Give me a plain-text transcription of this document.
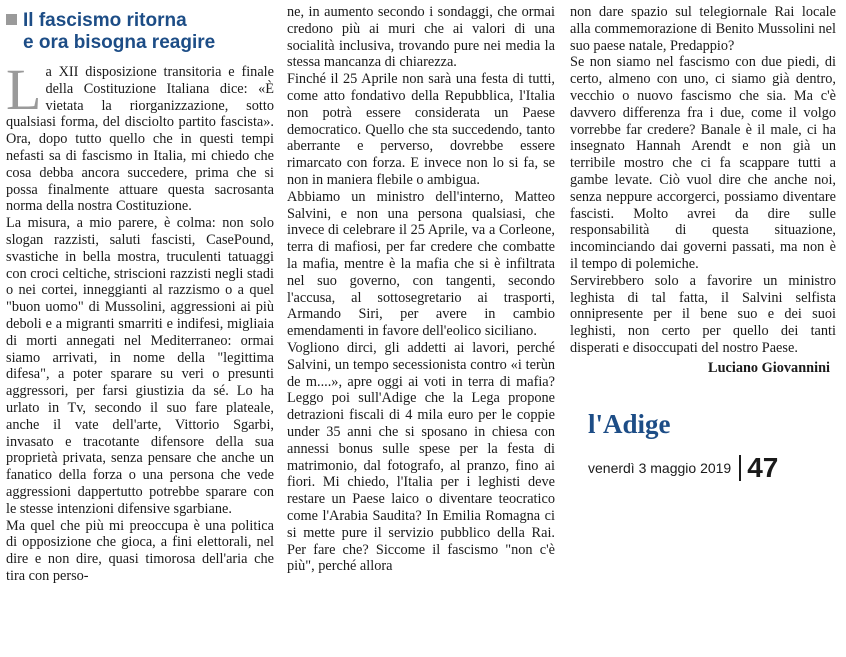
Il fascismo ritorna
e ora bisogna reagire

La XII disposizione transitoria e finale della Costituzione Italiana dice: «È vietata la riorganizzazione, sotto qualsiasi forma, del disciolto partito fascista». Ora, dopo tutto quello che in questi tempi nefasti sa di fascismo in Italia, mi chiedo che cosa debba ancora succedere, prima che si possa finalmente attuare questa sacrosanta norma della nostra Costituzione.

La misura, a mio parere, è colma: non solo slogan razzisti, saluti fascisti, CasePound, svastiche in bella mostra, truculenti tatuaggi con croci celtiche, striscioni razzisti negli stadi o nei cortei, inneggianti al razzismo o a quel "buon uomo" di Mussolini, aggressioni ai più deboli e a migranti smarriti e indifesi, migliaia di morti annegati nel Mediterraneo: ormai siamo arrivati, in nome della "legittima difesa", a poter sparare su veri o presunti aggressori, per farsi giustizia da sé. Lo ha urlato in Tv, secondo il suo fare plateale, anche il vate dell'arte, Vittorio Sgarbi, invasato e tracotante difensore della sua proprietà privata, senza pensare che anche un fanatico della forza o una persona che vede aggressioni dappertutto potrebbe sparare con le stesse intenzioni difensive sgarbiane.

Ma quel che più mi preoccupa è una politica di opposizione che gioca, a fini elettorali, nel dire e non dire, quasi timorosa dell'aria che tira con perso-

ne, in aumento secondo i sondaggi, che ormai credono più ai muri che ai valori di una socialità inclusiva, trovando pure nei media la stessa mancanza di chiarezza.

Finché il 25 Aprile non sarà una festa di tutti, come atto fondativo della Repubblica, l'Italia non potrà essere considerata un Paese democratico. Quello che sta succedendo, tanto aberrante e perverso, dovrebbe essere rimarcato con forza. E invece non lo si fa, se non in maniera flebile o ambigua.

Abbiamo un ministro dell'interno, Matteo Salvini, e non una persona qualsiasi, che invece di celebrare il 25 Aprile, va a Corleone, terra di mafiosi, per far credere che combatte la mafia, mentre è la mafia che si è infiltrata nel suo governo, con tangenti, secondo l'accusa, al sottosegretario ai trasporti, Armando Siri, per avere in cambio emendamenti in favore dell'eolico siciliano.

Vogliono dirci, gli addetti ai lavori, perché Salvini, un tempo secessionista contro «i terùn de m....», apre oggi ai voti in terra di mafia? Leggo poi sull'Adige che la Lega propone detrazioni fiscali di 4 mila euro per le coppie under 35 anni che si sposano in chiesa con annessi bonus sulle spese per la festa di matrimonio, dal fotografo, al pranzo, fino ai fiori. Mi chiedo, l'Italia per i leghisti deve restare un Paese laico o diventare teocratico come l'Arabia Saudita? In Emilia Romagna ci si mette pure il servizio pubblico della Rai. Per fare che? Siccome il fascismo "non c'è più", perché allora

non dare spazio sul telegiornale Rai locale alla commemorazione di Benito Mussolini nel suo paese natale, Predappio?

Se non siamo nel fascismo con due piedi, di certo, almeno con uno, ci siamo già dentro, vecchio o nuovo fascismo che sia. Ma c'è davvero differenza fra i due, come il volgo vorrebbe far credere? Banale è il male, ci ha insegnato Hannah Arendt e non già un terribile mostro che ci fa scappare tutti a gambe levate. Ciò vuol dire che anche noi, senza neppure accorgerci, possiamo diventare fascisti. Molto avrei da dire sulle responsabilità di questa situazione, incominciando dai governi passati, ma non è il tempo di polemiche.

Servirebbero solo a favorire un ministro leghista di tal fatta, il Salvini selfista onnipresente per il bene suo e dei suoi leghisti, non certo per quello dei tanti disperati e disoccupati del nostro Paese.

Luciano Giovannini
l'Adige
venerdì 3 maggio 2019 47
